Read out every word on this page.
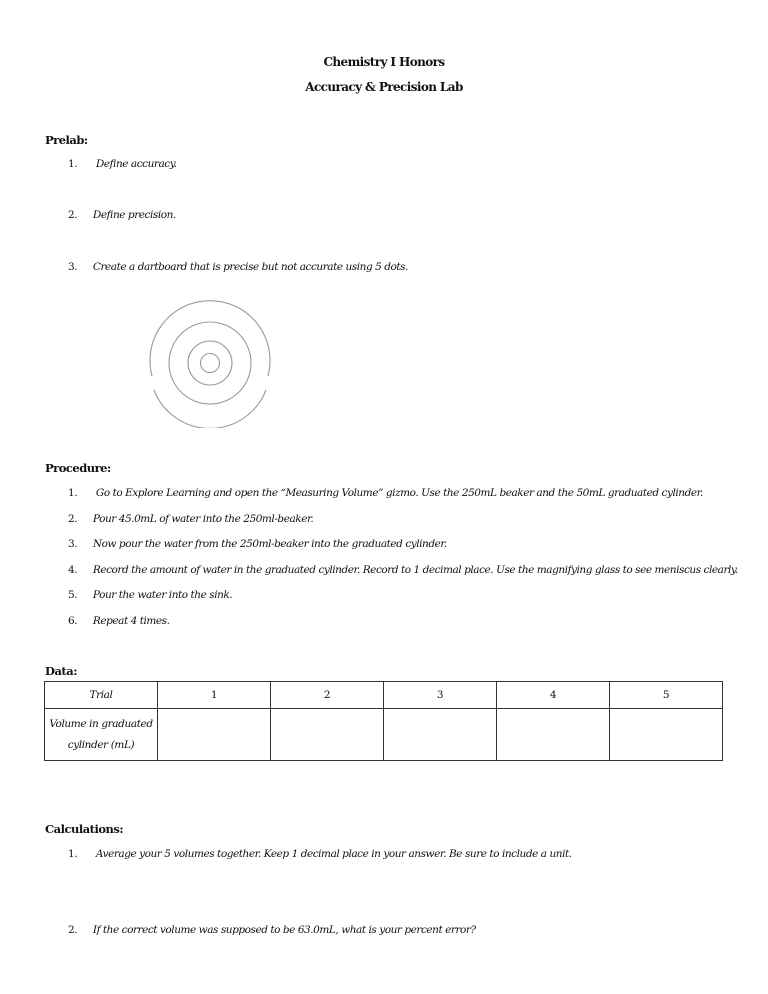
Chemistry I Honors
Accuracy & Precision Lab
Prelab:
1. Define accuracy.
2. Define precision.
3. Create a dartboard that is precise but not accurate using 5 dots.
Procedure:
1. Go to Explore Learning and open the “Measuring Volume” gizmo. Use the 250mL beaker and the 50mL graduated cylinder.
2. Pour 45.0mL of water into the 250ml-beaker.
3. Now pour the water from the 250ml-beaker into the graduated cylinder.
4. Record the amount of water in the graduated cylinder. Record to 1 decimal place. Use the magnifying glass to see meniscus clearly.
5. Pour the water into the sink.
6. Repeat 4 times.
Data:
Trial	1	2	3	4	5

Volume in graduated
cylinder (mL)					

Calculations:
1. Average your 5 volumes together. Keep 1 decimal place in your answer. Be sure to include a unit.
2. If the correct volume was supposed to be 63.0mL, what is your percent error?
